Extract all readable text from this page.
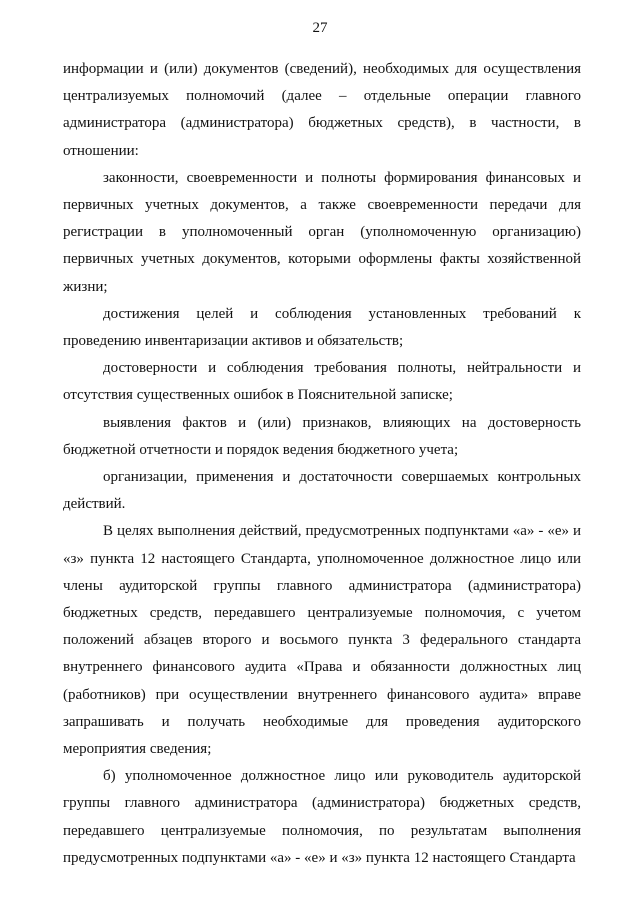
27

информации и (или) документов (сведений), необходимых для осуществления централизуемых полномочий (далее – отдельные операции главного администратора (администратора) бюджетных средств), в частности, в отношении:

законности, своевременности и полноты формирования финансовых и первичных учетных документов, а также своевременности передачи для регистрации в уполномоченный орган (уполномоченную организацию) первичных учетных документов, которыми оформлены факты хозяйственной жизни;

достижения целей и соблюдения установленных требований к проведению инвентаризации активов и обязательств;

достоверности и соблюдения требования полноты, нейтральности и отсутствия существенных ошибок в Пояснительной записке;

выявления фактов и (или) признаков, влияющих на достоверность бюджетной отчетности и порядок ведения бюджетного учета;

организации, применения и достаточности совершаемых контрольных действий.

В целях выполнения действий, предусмотренных подпунктами «а» - «е» и «з» пункта 12 настоящего Стандарта, уполномоченное должностное лицо или члены аудиторской группы главного администратора (администратора) бюджетных средств, передавшего централизуемые полномочия, с учетом положений абзацев второго и восьмого пункта 3 федерального стандарта внутреннего финансового аудита «Права и обязанности должностных лиц (работников) при осуществлении внутреннего финансового аудита» вправе запрашивать и получать необходимые для проведения аудиторского мероприятия сведения;

б) уполномоченное должностное лицо или руководитель аудиторской группы главного администратора (администратора) бюджетных средств, передавшего централизуемые полномочия, по результатам выполнения предусмотренных подпунктами «а» - «е» и «з» пункта 12 настоящего Стандарта
